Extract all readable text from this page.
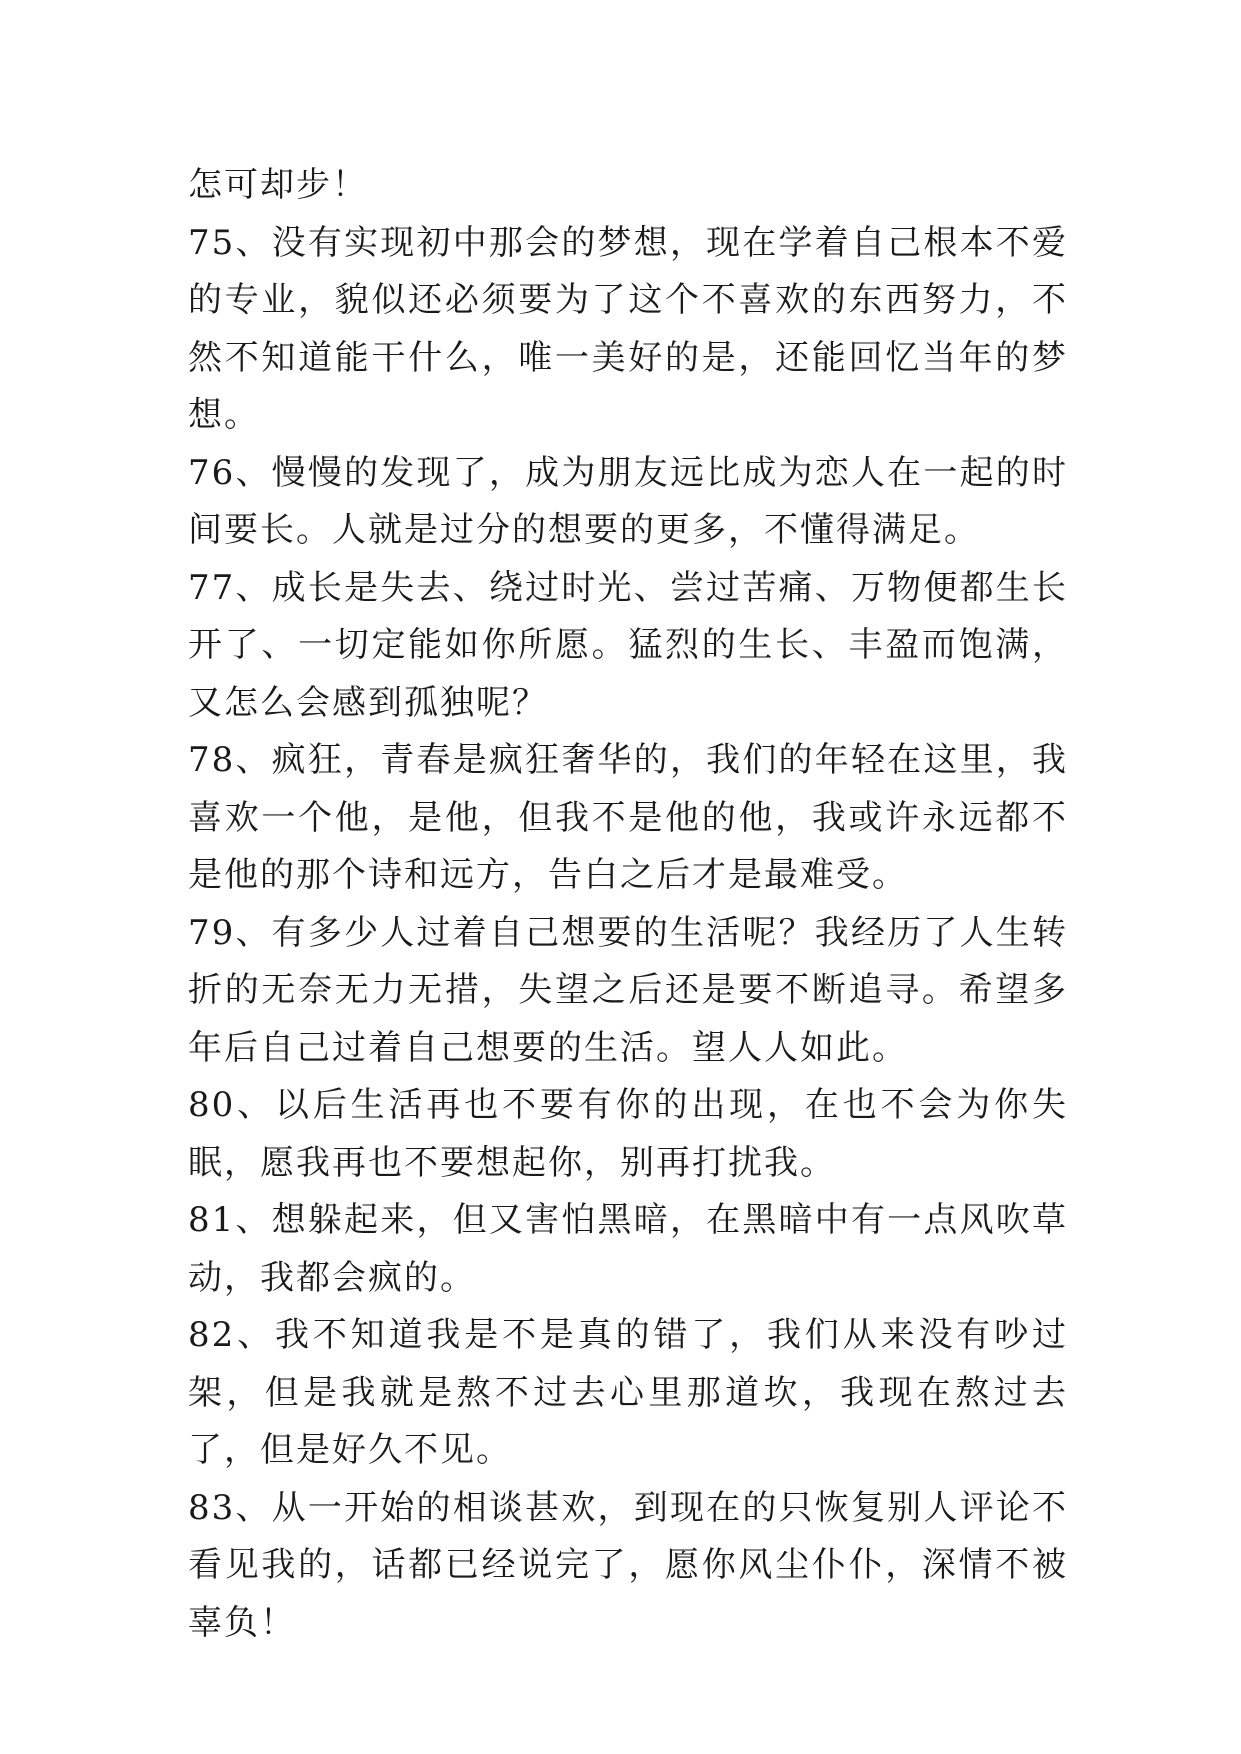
怎可却步！

75、没有实现初中那会的梦想，现在学着自己根本不爱的专业，貌似还必须要为了这个不喜欢的东西努力，不然不知道能干什么，唯一美好的是，还能回忆当年的梦想。

76、慢慢的发现了，成为朋友远比成为恋人在一起的时间要长。人就是过分的想要的更多，不懂得满足。

77、成长是失去、绕过时光、尝过苦痛、万物便都生长开了、一切定能如你所愿。猛烈的生长、丰盈而饱满，又怎么会感到孤独呢？

78、疯狂，青春是疯狂奢华的，我们的年轻在这里，我喜欢一个他，是他，但我不是他的他，我或许永远都不是他的那个诗和远方，告白之后才是最难受。

79、有多少人过着自己想要的生活呢？我经历了人生转折的无奈无力无措，失望之后还是要不断追寻。希望多年后自己过着自己想要的生活。望人人如此。

80、以后生活再也不要有你的出现，在也不会为你失眠，愿我再也不要想起你，别再打扰我。

81、想躲起来，但又害怕黑暗，在黑暗中有一点风吹草动，我都会疯的。

82、我不知道我是不是真的错了，我们从来没有吵过架，但是我就是熬不过去心里那道坎，我现在熬过去了，但是好久不见。

83、从一开始的相谈甚欢，到现在的只恢复别人评论不看见我的，话都已经说完了，愿你风尘仆仆，深情不被辜负！
